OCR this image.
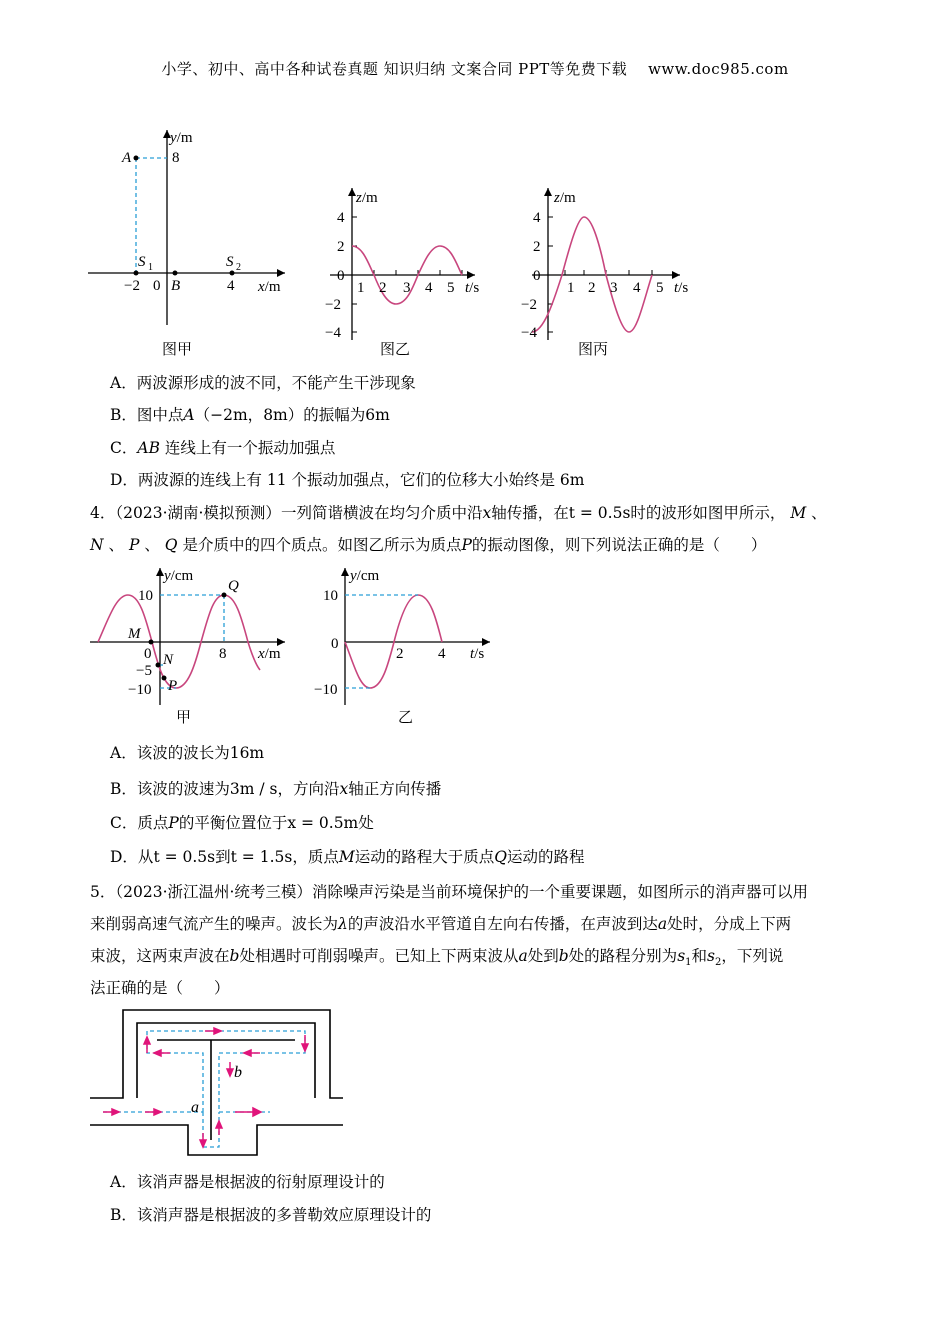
小学、初中、高中各种试卷真题 知识归纳 文案合同 PPT等免费下载　 www.doc985.com
y/m
A	8
S 1	S 2
−2 0 B	4 x/m
z/m
4
2
0
−2
−4
1 2 3 4 5 t/s
z/m
4
2
0
−2
−4
1 2 3 4 5 t/s
图甲	图乙	图丙
A．两波源形成的波不同，不能产生干涉现象
B．图中点A（−2m，8m）的振幅为6m
C．AB 连线上有一个振动加强点
D．两波源的连线上有 11 个振动加强点，它们的位移大小始终是 6m
4．（2023·湖南·模拟预测）一列简谐横波在均匀介质中沿x轴传播，在t = 0.5s时的波形如图甲所示， M 、
N 、 P 、 Q 是介质中的四个质点。如图乙所示为质点P的振动图像，则下列说法正确的是（　　）
y/cm
10
Q
M
0	8 x/m
N
−5
P
−10
y/cm
10
0
−10
2 4 t/s
甲	乙
A．该波的波长为16m
B．该波的波速为3m / s，方向沿x轴正方向传播
C．质点P的平衡位置位于x = 0.5m处
D．从t = 0.5s到t = 1.5s，质点M运动的路程大于质点Q运动的路程
5．（2023·浙江温州·统考三模）消除噪声污染是当前环境保护的一个重要课题，如图所示的消声器可以用
来削弱高速气流产生的噪声。波长为λ的声波沿水平管道自左向右传播，在声波到达a处时，分成上下两
束波，这两束声波在b处相遇时可削弱噪声。已知上下两束波从a处到b处的路程分别为$s_1$和$s_2$，下列说
法正确的是（　　）
b
a
A．该消声器是根据波的衍射原理设计的
B．该消声器是根据波的多普勒效应原理设计的
